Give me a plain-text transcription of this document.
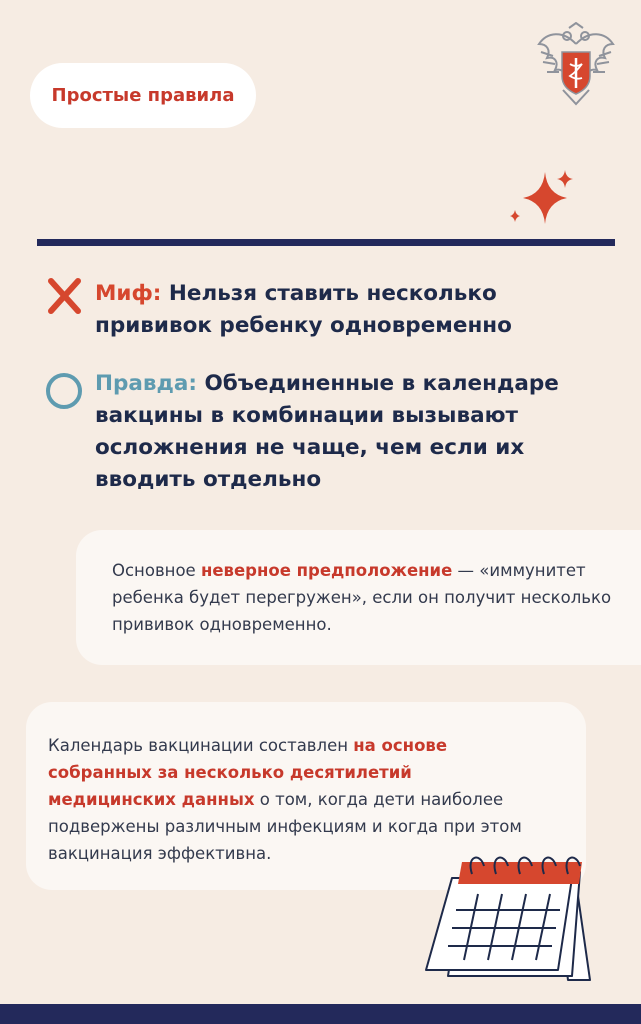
Простые правила

Миф: Нельзя ставить несколько прививок ребенку одновременно

Правда: Объединенные в календаре вакцины в комбинации вызывают осложнения не чаще, чем если их вводить отдельно

Основное неверное предположение — «иммунитет ребенка будет перегружен», если он получит несколько прививок одновременно.

Календарь вакцинации составлен на основе собранных за несколько десятилетий медицинских данных о том, когда дети наиболее подвержены различным инфекциям и когда при этом вакцинация эффективна.
